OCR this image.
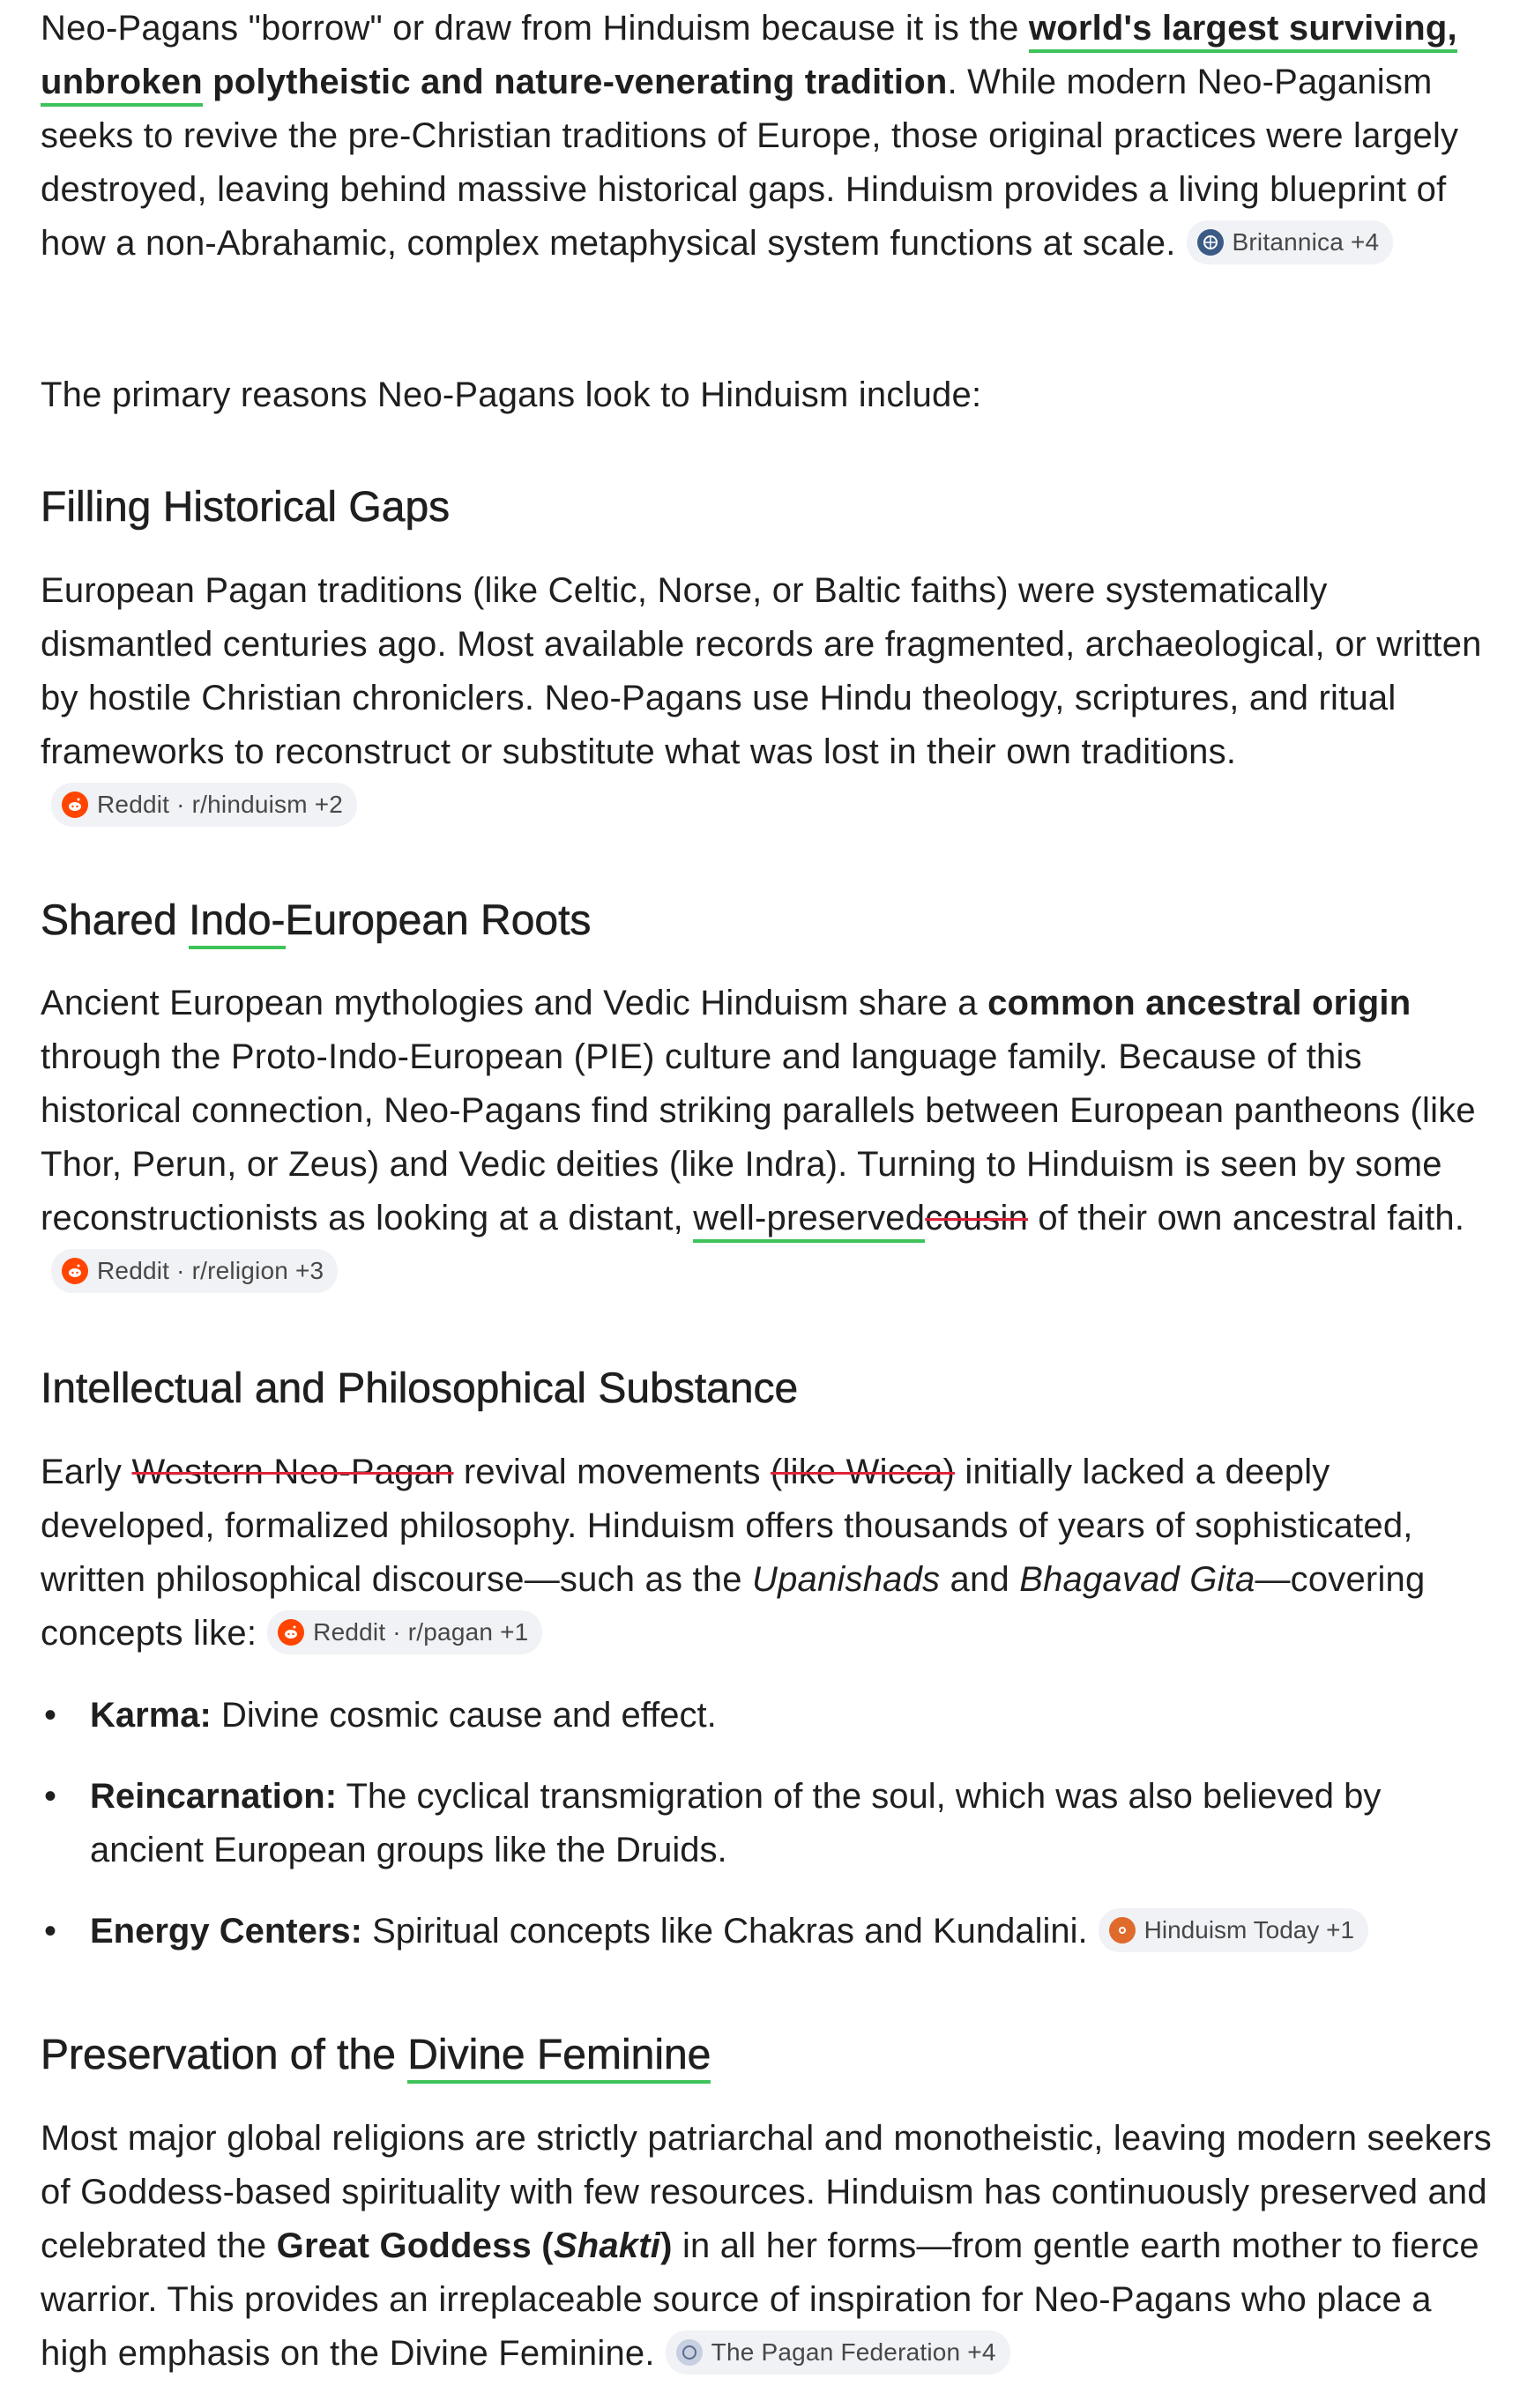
Neo-Pagans "borrow" or draw from Hinduism because it is the world's largest surviving, unbroken polytheistic and nature-venerating tradition. While modern Neo-Paganism seeks to revive the pre-Christian traditions of Europe, those original practices were largely destroyed, leaving behind massive historical gaps. Hinduism provides a living blueprint of how a non-Abrahamic, complex metaphysical system functions at scale. Britannica +4

The primary reasons Neo-Pagans look to Hinduism include:

Filling Historical Gaps

European Pagan traditions (like Celtic, Norse, or Baltic faiths) were systematically dismantled centuries ago. Most available records are fragmented, archaeological, or written by hostile Christian chroniclers. Neo-Pagans use Hindu theology, scriptures, and ritual frameworks to reconstruct or substitute what was lost in their own traditions.
Reddit · r/hinduism +2

Shared Indo-European Roots

Ancient European mythologies and Vedic Hinduism share a common ancestral origin through the Proto-Indo-European (PIE) culture and language family. Because of this historical connection, Neo-Pagans find striking parallels between European pantheons (like Thor, Perun, or Zeus) and Vedic deities (like Indra). Turning to Hinduism is seen by some reconstructionists as looking at a distant, well-preservedcousin of their own ancestral faith.
Reddit · r/religion +3

Intellectual and Philosophical Substance

Early Western Neo-Pagan revival movements (like Wicca) initially lacked a deeply developed, formalized philosophy. Hinduism offers thousands of years of sophisticated, written philosophical discourse—such as the Upanishads and Bhagavad Gita—covering concepts like: Reddit · r/pagan +1

• Karma: Divine cosmic cause and effect.
• Reincarnation: The cyclical transmigration of the soul, which was also believed by ancient European groups like the Druids.
• Energy Centers: Spiritual concepts like Chakras and Kundalini. Hinduism Today +1
Preservation of the Divine Feminine

Most major global religions are strictly patriarchal and monotheistic, leaving modern seekers of Goddess-based spirituality with few resources. Hinduism has continuously preserved and celebrated the Great Goddess (Shakti) in all her forms—from gentle earth mother to fierce warrior. This provides an irreplaceable source of inspiration for Neo-Pagans who place a high emphasis on the Divine Feminine. The Pagan Federation +4
